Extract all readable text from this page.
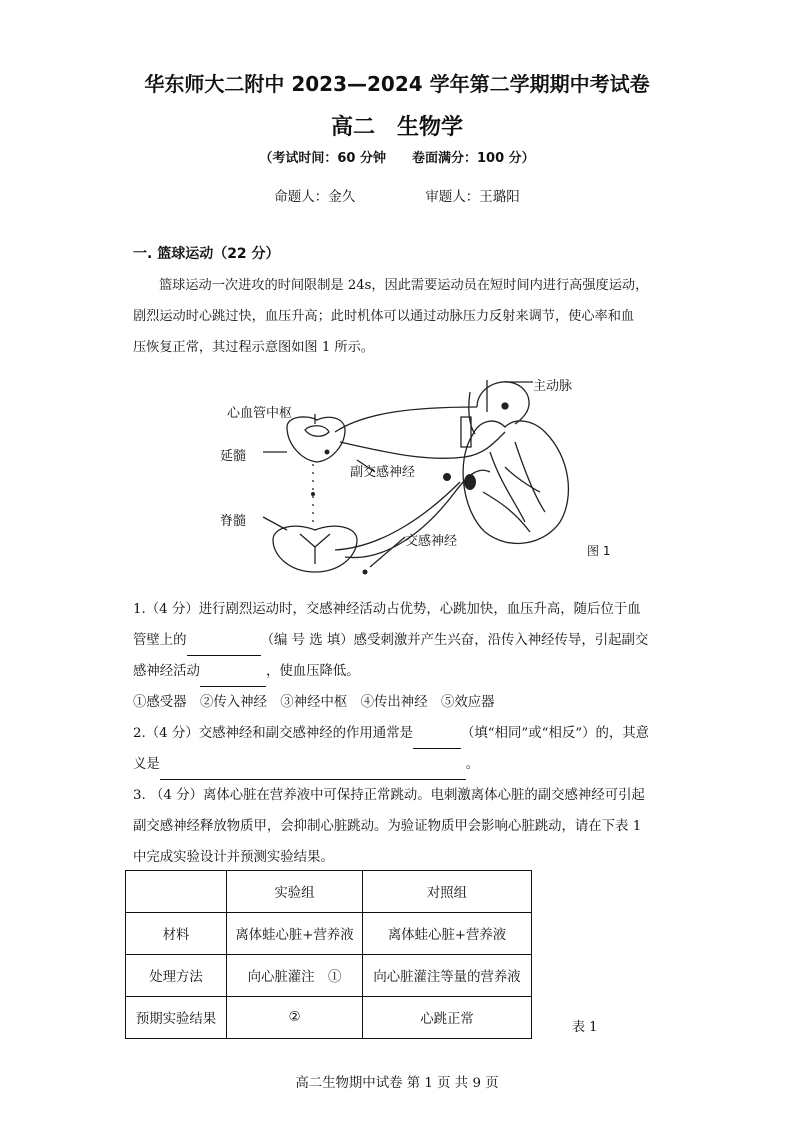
华东师大二附中 2023—2024 学年第二学期期中考试卷
高二　生物学
（考试时间：60 分钟　　卷面满分：100 分）
命题人：金久	审题人：王璐阳
一. 篮球运动（22 分）
篮球运动一次进攻的时间限制是 24s，因此需要运动员在短时间内进行高强度运动，
剧烈运动时心跳过快，血压升高；此时机体可以通过动脉压力反射来调节，使心率和血
压恢复正常，其过程示意图如图 1 所示。
主动脉
心血管中枢
延髓
副交感神经
脊髓
交感神经
图 1
1.（4 分）进行剧烈运动时，交感神经活动占优势，心跳加快，血压升高，随后位于血
管壁上的	（编 号 选 填）感受刺激并产生兴奋，沿传入神经传导，引起副交
感神经活动	，使血压降低。
①感受器　②传入神经　③神经中枢　④传出神经　⑤效应器
2.（4 分）交感神经和副交感神经的作用通常是	（填“相同”或“相反”）的，其意
义是	。
3. （4 分）离体心脏在营养液中可保持正常跳动。电刺激离体心脏的副交感神经可引起
副交感神经释放物质甲，会抑制心脏跳动。为验证物质甲会影响心脏跳动，请在下表 1
中完成实验设计并预测实验结果。
	实验组	对照组
材料	离体蛙心脏+营养液	离体蛙心脏+营养液
处理方法	向心脏灌注　①	向心脏灌注等量的营养液
预期实验结果	②	心跳正常
表 1
高二生物期中试卷 第 1 页 共 9 页
